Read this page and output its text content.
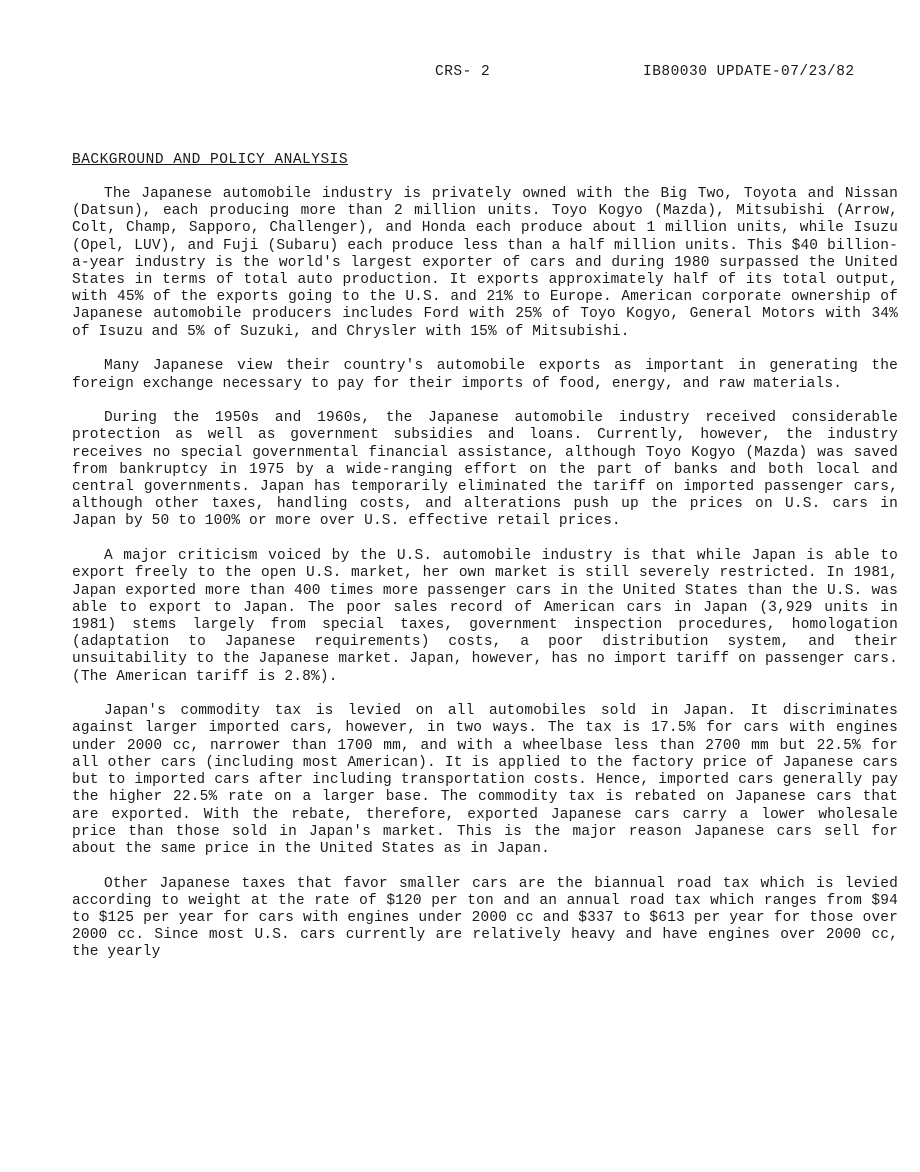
CRS- 2	IB80030 UPDATE-07/23/82
BACKGROUND AND POLICY ANALYSIS

The Japanese automobile industry is privately owned with the Big Two, Toyota and Nissan (Datsun), each producing more than 2 million units. Toyo Kogyo (Mazda), Mitsubishi (Arrow, Colt, Champ, Sapporo, Challenger), and Honda each produce about 1 million units, while Isuzu (Opel, LUV), and Fuji (Subaru) each produce less than a half million units. This $40 billion-a-year industry is the world's largest exporter of cars and during 1980 surpassed the United States in terms of total auto production. It exports approximately half of its total output, with 45% of the exports going to the U.S. and 21% to Europe. American corporate ownership of Japanese automobile producers includes Ford with 25% of Toyo Kogyo, General Motors with 34% of Isuzu and 5% of Suzuki, and Chrysler with 15% of Mitsubishi.

Many Japanese view their country's automobile exports as important in generating the foreign exchange necessary to pay for their imports of food, energy, and raw materials.

During the 1950s and 1960s, the Japanese automobile industry received considerable protection as well as government subsidies and loans. Currently, however, the industry receives no special governmental financial assistance, although Toyo Kogyo (Mazda) was saved from bankruptcy in 1975 by a wide-ranging effort on the part of banks and both local and central governments. Japan has temporarily eliminated the tariff on imported passenger cars, although other taxes, handling costs, and alterations push up the prices on U.S. cars in Japan by 50 to 100% or more over U.S. effective retail prices.

A major criticism voiced by the U.S. automobile industry is that while Japan is able to export freely to the open U.S. market, her own market is still severely restricted. In 1981, Japan exported more than 400 times more passenger cars in the United States than the U.S. was able to export to Japan. The poor sales record of American cars in Japan (3,929 units in 1981) stems largely from special taxes, government inspection procedures, homologation (adaptation to Japanese requirements) costs, a poor distribution system, and their unsuitability to the Japanese market. Japan, however, has no import tariff on passenger cars. (The American tariff is 2.8%).

Japan's commodity tax is levied on all automobiles sold in Japan. It discriminates against larger imported cars, however, in two ways. The tax is 17.5% for cars with engines under 2000 cc, narrower than 1700 mm, and with a wheelbase less than 2700 mm but 22.5% for all other cars (including most American). It is applied to the factory price of Japanese cars but to imported cars after including transportation costs. Hence, imported cars generally pay the higher 22.5% rate on a larger base. The commodity tax is rebated on Japanese cars that are exported. With the rebate, therefore, exported Japanese cars carry a lower wholesale price than those sold in Japan's market. This is the major reason Japanese cars sell for about the same price in the United States as in Japan.

Other Japanese taxes that favor smaller cars are the biannual road tax which is levied according to weight at the rate of $120 per ton and an annual road tax which ranges from $94 to $125 per year for cars with engines under 2000 cc and $337 to $613 per year for those over 2000 cc. Since most U.S. cars currently are relatively heavy and have engines over 2000 cc, the yearly
